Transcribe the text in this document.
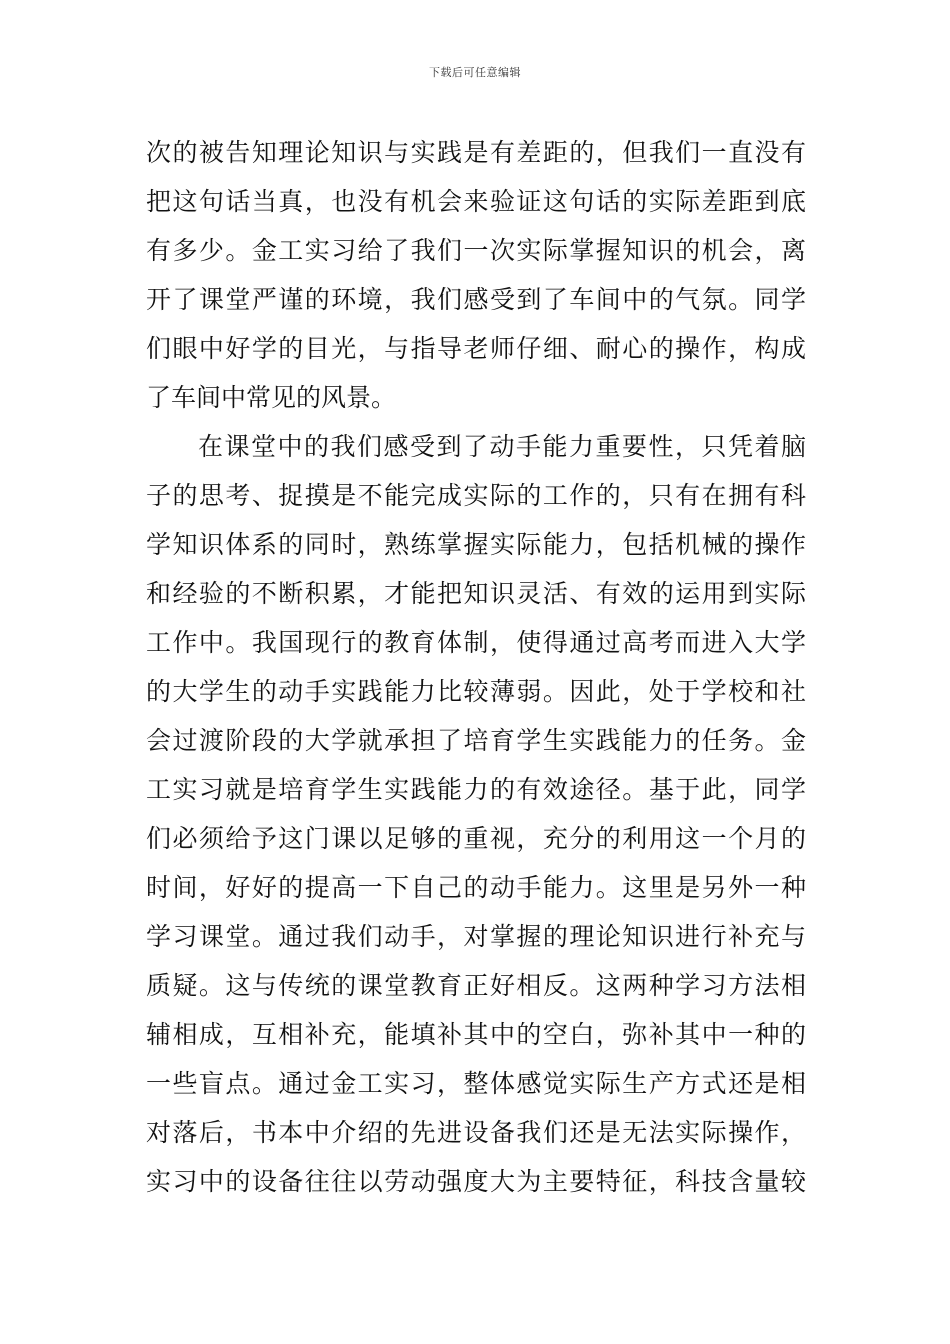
下载后可任意编辑
次的被告知理论知识与实践是有差距的，但我们一直没有
把这句话当真，也没有机会来验证这句话的实际差距到底
有多少。金工实习给了我们一次实际掌握知识的机会，离
开了课堂严谨的环境，我们感受到了车间中的气氛。同学
们眼中好学的目光，与指导老师仔细、耐心的操作，构成
了车间中常见的风景。
在课堂中的我们感受到了动手能力重要性，只凭着脑
子的思考、捉摸是不能完成实际的工作的，只有在拥有科
学知识体系的同时，熟练掌握实际能力，包括机械的操作
和经验的不断积累，才能把知识灵活、有效的运用到实际
工作中。我国现行的教育体制，使得通过高考而进入大学
的大学生的动手实践能力比较薄弱。因此，处于学校和社
会过渡阶段的大学就承担了培育学生实践能力的任务。金
工实习就是培育学生实践能力的有效途径。基于此，同学
们必须给予这门课以足够的重视，充分的利用这一个月的
时间，好好的提高一下自己的动手能力。这里是另外一种
学习课堂。通过我们动手，对掌握的理论知识进行补充与
质疑。这与传统的课堂教育正好相反。这两种学习方法相
辅相成，互相补充，能填补其中的空白，弥补其中一种的
一些盲点。通过金工实习，整体感觉实际生产方式还是相
对落后，书本中介绍的先进设备我们还是无法实际操作，
实习中的设备往往以劳动强度大为主要特征，科技含量较
